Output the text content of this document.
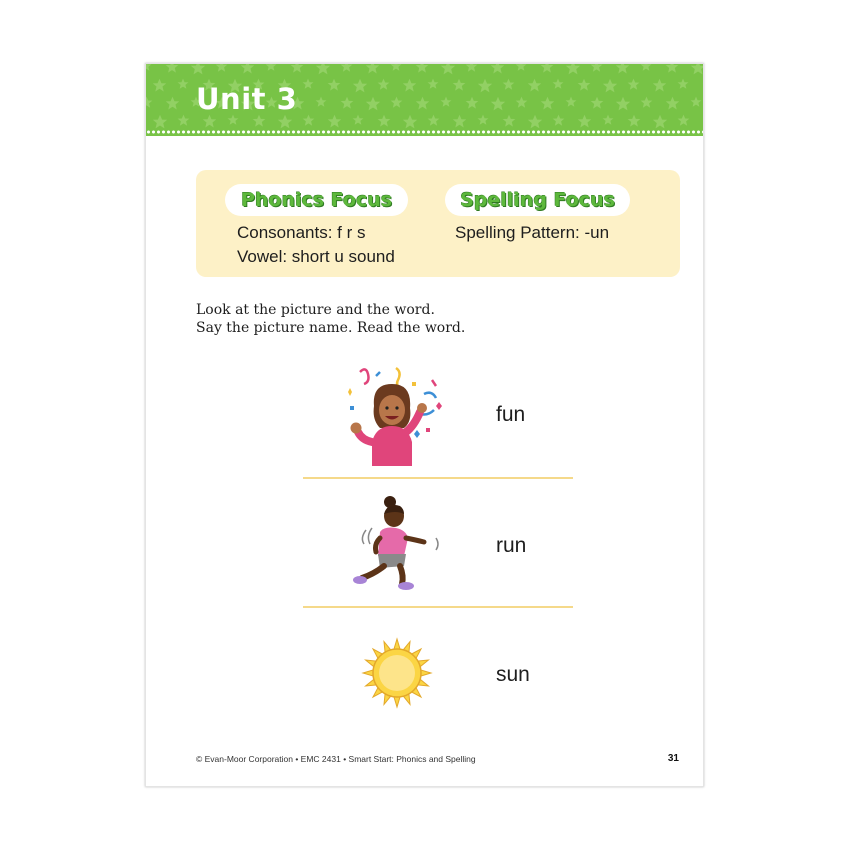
Unit 3
Phonics Focus	Spelling Focus
Consonants: f r s
Vowel: short u sound
Spelling Pattern: -un
Look at the picture and the word.
Say the picture name. Read the word.
fun
run
sun
© Evan-Moor Corporation • EMC 2431 • Smart Start: Phonics and Spelling	31
